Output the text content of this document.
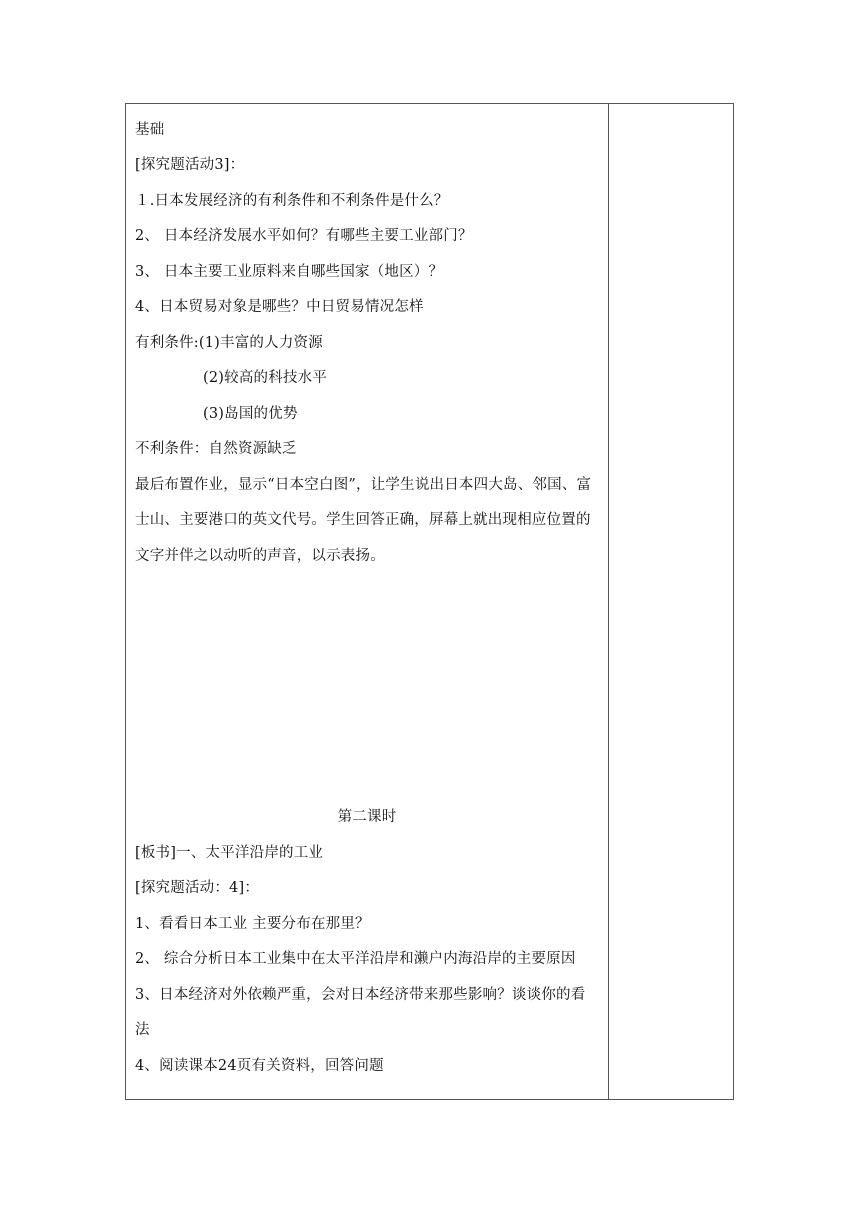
基础
[探究题活动3]：
１.日本发展经济的有利条件和不利条件是什么？
2、 日本经济发展水平如何？有哪些主要工业部门？
3、 日本主要工业原料来自哪些国家（地区）？
4、日本贸易对象是哪些？中日贸易情况怎样
有利条件:(1)丰富的人力资源
(2)较高的科技水平
(3)岛国的优势
不利条件：自然资源缺乏
最后布置作业，显示“日本空白图”，让学生说出日本四大岛、邻国、富
士山、主要港口的英文代号。学生回答正确，屏幕上就出现相应位置的
文字并伴之以动听的声音，以示表扬。
第二课时
[板书]一、太平洋沿岸的工业
[探究题活动：4]：
1、看看日本工业 主要分布在那里？
2、 综合分析日本工业集中在太平洋沿岸和濑户内海沿岸的主要原因
3、日本经济对外依赖严重，会对日本经济带来那些影响？谈谈你的看
法
4、阅读课本24页有关资料，回答问题
